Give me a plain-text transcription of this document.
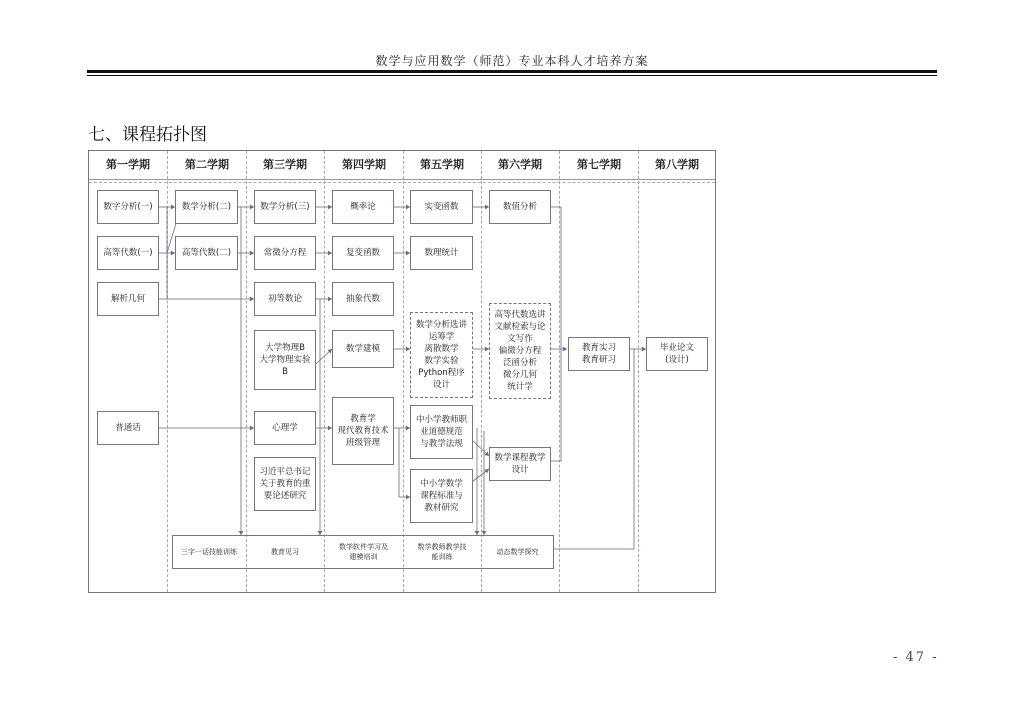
数学与应用数学（师范）专业本科人才培养方案
七、课程拓扑图
第一学期	第二学期	第三学期	第四学期	第五学期	第六学期	第七学期	第八学期
数字分析(一)
高等代数(一)
解析几何
普通话
数学分析(二)
高等代数(二)
数学分析(三)
常微分方程
初等数论
大学物理B
大学物理实验B
心理学
习近平总书记
关于教育的重
要论述研究
概率论
复变函数
抽象代数
数学建模
教育学
现代教育技术
班级管理
实变函数
数理统计
数学分析选讲
运筹学
离散数学
数学实验
Python程序
设计
中小学教师职
业道德规范
与教学法规
中小学数学
课程标准与
教材研究
数值分析
高等代数选讲
文献检索与论
文写作
偏微分方程
泛函分析
微分几何
统计学
数学课程教学
设计
教育实习
教育研习
毕业论文
(设计)
三字一话技能训练	教育见习
数学软件学习及
建模培训
数学教师教学技
能训练
动态数学探究
- 47 -
